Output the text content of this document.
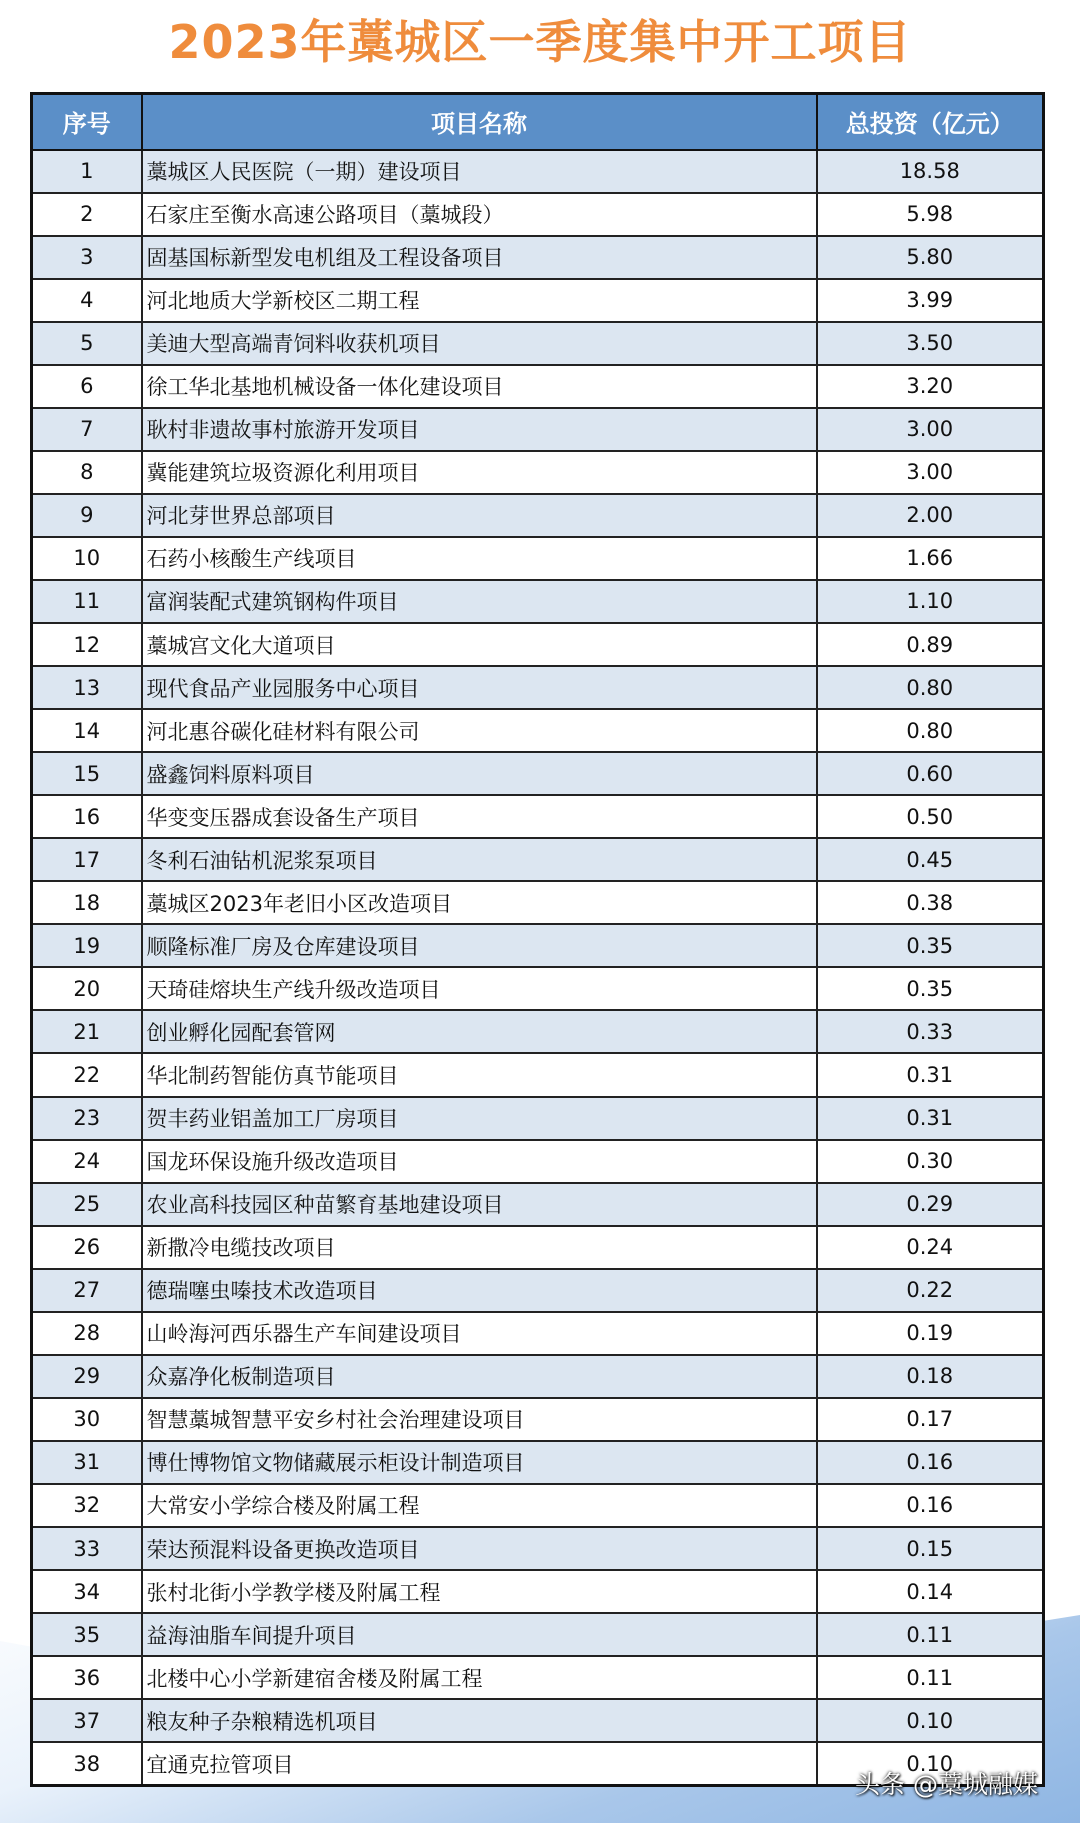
2023年藁城区一季度集中开工项目
序号	项目名称	总投资（亿元）
1	藁城区人民医院（一期）建设项目	18.58
2	石家庄至衡水高速公路项目（藁城段）	5.98
3	固基国标新型发电机组及工程设备项目	5.80
4	河北地质大学新校区二期工程	3.99
5	美迪大型高端青饲料收获机项目	3.50
6	徐工华北基地机械设备一体化建设项目	3.20
7	耿村非遗故事村旅游开发项目	3.00
8	冀能建筑垃圾资源化利用项目	3.00
9	河北芽世界总部项目	2.00
10	石药小核酸生产线项目	1.66
11	富润装配式建筑钢构件项目	1.10
12	藁城宫文化大道项目	0.89
13	现代食品产业园服务中心项目	0.80
14	河北惠谷碳化硅材料有限公司	0.80
15	盛鑫饲料原料项目	0.60
16	华变变压器成套设备生产项目	0.50
17	冬利石油钻机泥浆泵项目	0.45
18	藁城区2023年老旧小区改造项目	0.38
19	顺隆标准厂房及仓库建设项目	0.35
20	天琦硅熔块生产线升级改造项目	0.35
21	创业孵化园配套管网	0.33
22	华北制药智能仿真节能项目	0.31
23	贺丰药业铝盖加工厂房项目	0.31
24	国龙环保设施升级改造项目	0.30
25	农业高科技园区种苗繁育基地建设项目	0.29
26	新撒冷电缆技改项目	0.24
27	德瑞噻虫嗪技术改造项目	0.22
28	山岭海河西乐器生产车间建设项目	0.19
29	众嘉净化板制造项目	0.18
30	智慧藁城智慧平安乡村社会治理建设项目	0.17
31	博仕博物馆文物储藏展示柜设计制造项目	0.16
32	大常安小学综合楼及附属工程	0.16
33	荣达预混料设备更换改造项目	0.15
34	张村北街小学教学楼及附属工程	0.14
35	益海油脂车间提升项目	0.11
36	北楼中心小学新建宿舍楼及附属工程	0.11
37	粮友种子杂粮精选机项目	0.10
38	宜通克拉管项目	0.10
头条 @藁城融媒
